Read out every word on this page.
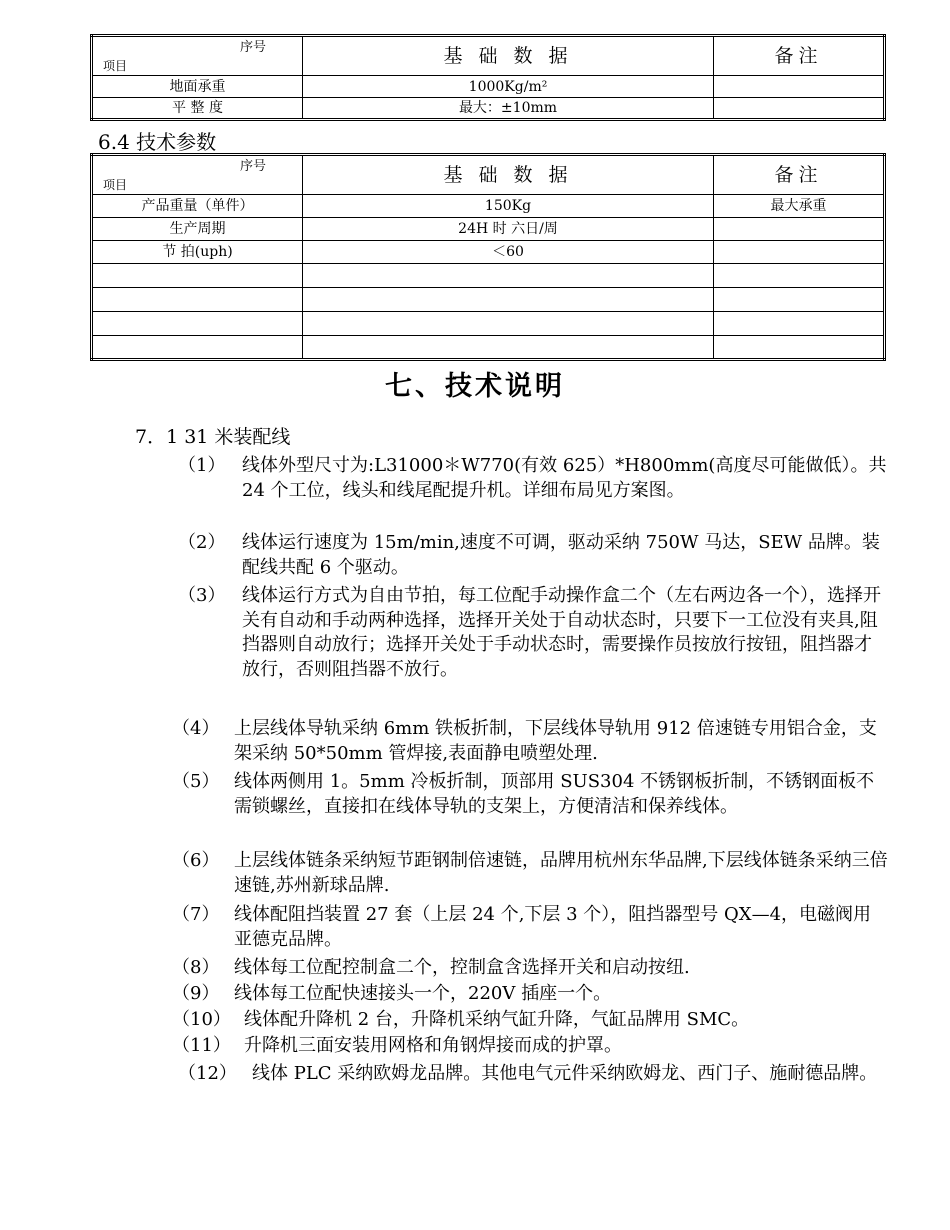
序号
项目	基 础 数 据	备注
地面承重	1000Kg/m²	
平 整 度	最大：±10mm	
6.4 技术参数
序号
项目	基 础 数 据	备注
产品重量（单件）	150Kg	最大承重
生产周期	24H 时 六日/周	
节 拍(uph)	＜60	

七、技术说明
7．1 31 米装配线
（1） 线体外型尺寸为:L31000＊W770(有效 625）*H800mm(高度尽可能做低）。共 24 个工位，线头和线尾配提升机。详细布局见方案图。
（2） 线体运行速度为 15m/min,速度不可调，驱动采纳 750W 马达，SEW 品牌。装配线共配 6 个驱动。
（3） 线体运行方式为自由节拍，每工位配手动操作盒二个（左右两边各一个），选择开关有自动和手动两种选择，选择开关处于自动状态时，只要下一工位没有夹具,阻挡器则自动放行；选择开关处于手动状态时，需要操作员按放行按钮，阻挡器才放行，否则阻挡器不放行。
（4） 上层线体导轨采纳 6mm 铁板折制，下层线体导轨用 912 倍速链专用铝合金，支架采纳 50*50mm 管焊接,表面静电喷塑处理.
（5） 线体两侧用 1。5mm 冷板折制，顶部用 SUS304 不锈钢板折制，不锈钢面板不需锁螺丝，直接扣在线体导轨的支架上，方便清洁和保养线体。
（6） 上层线体链条采纳短节距钢制倍速链，品牌用杭州东华品牌,下层线体链条采纳三倍速链,苏州新球品牌.
（7） 线体配阻挡装置 27 套（上层 24 个,下层 3 个），阻挡器型号 QX—4，电磁阀用亚德克品牌。
（8） 线体每工位配控制盒二个，控制盒含选择开关和启动按纽.
（9） 线体每工位配快速接头一个，220V 插座一个。
（10） 线体配升降机 2 台，升降机采纳气缸升降，气缸品牌用 SMC。
（11） 升降机三面安装用网格和角钢焊接而成的护罩。
（12） 线体 PLC 采纳欧姆龙品牌。其他电气元件采纳欧姆龙、西门子、施耐德品牌。
